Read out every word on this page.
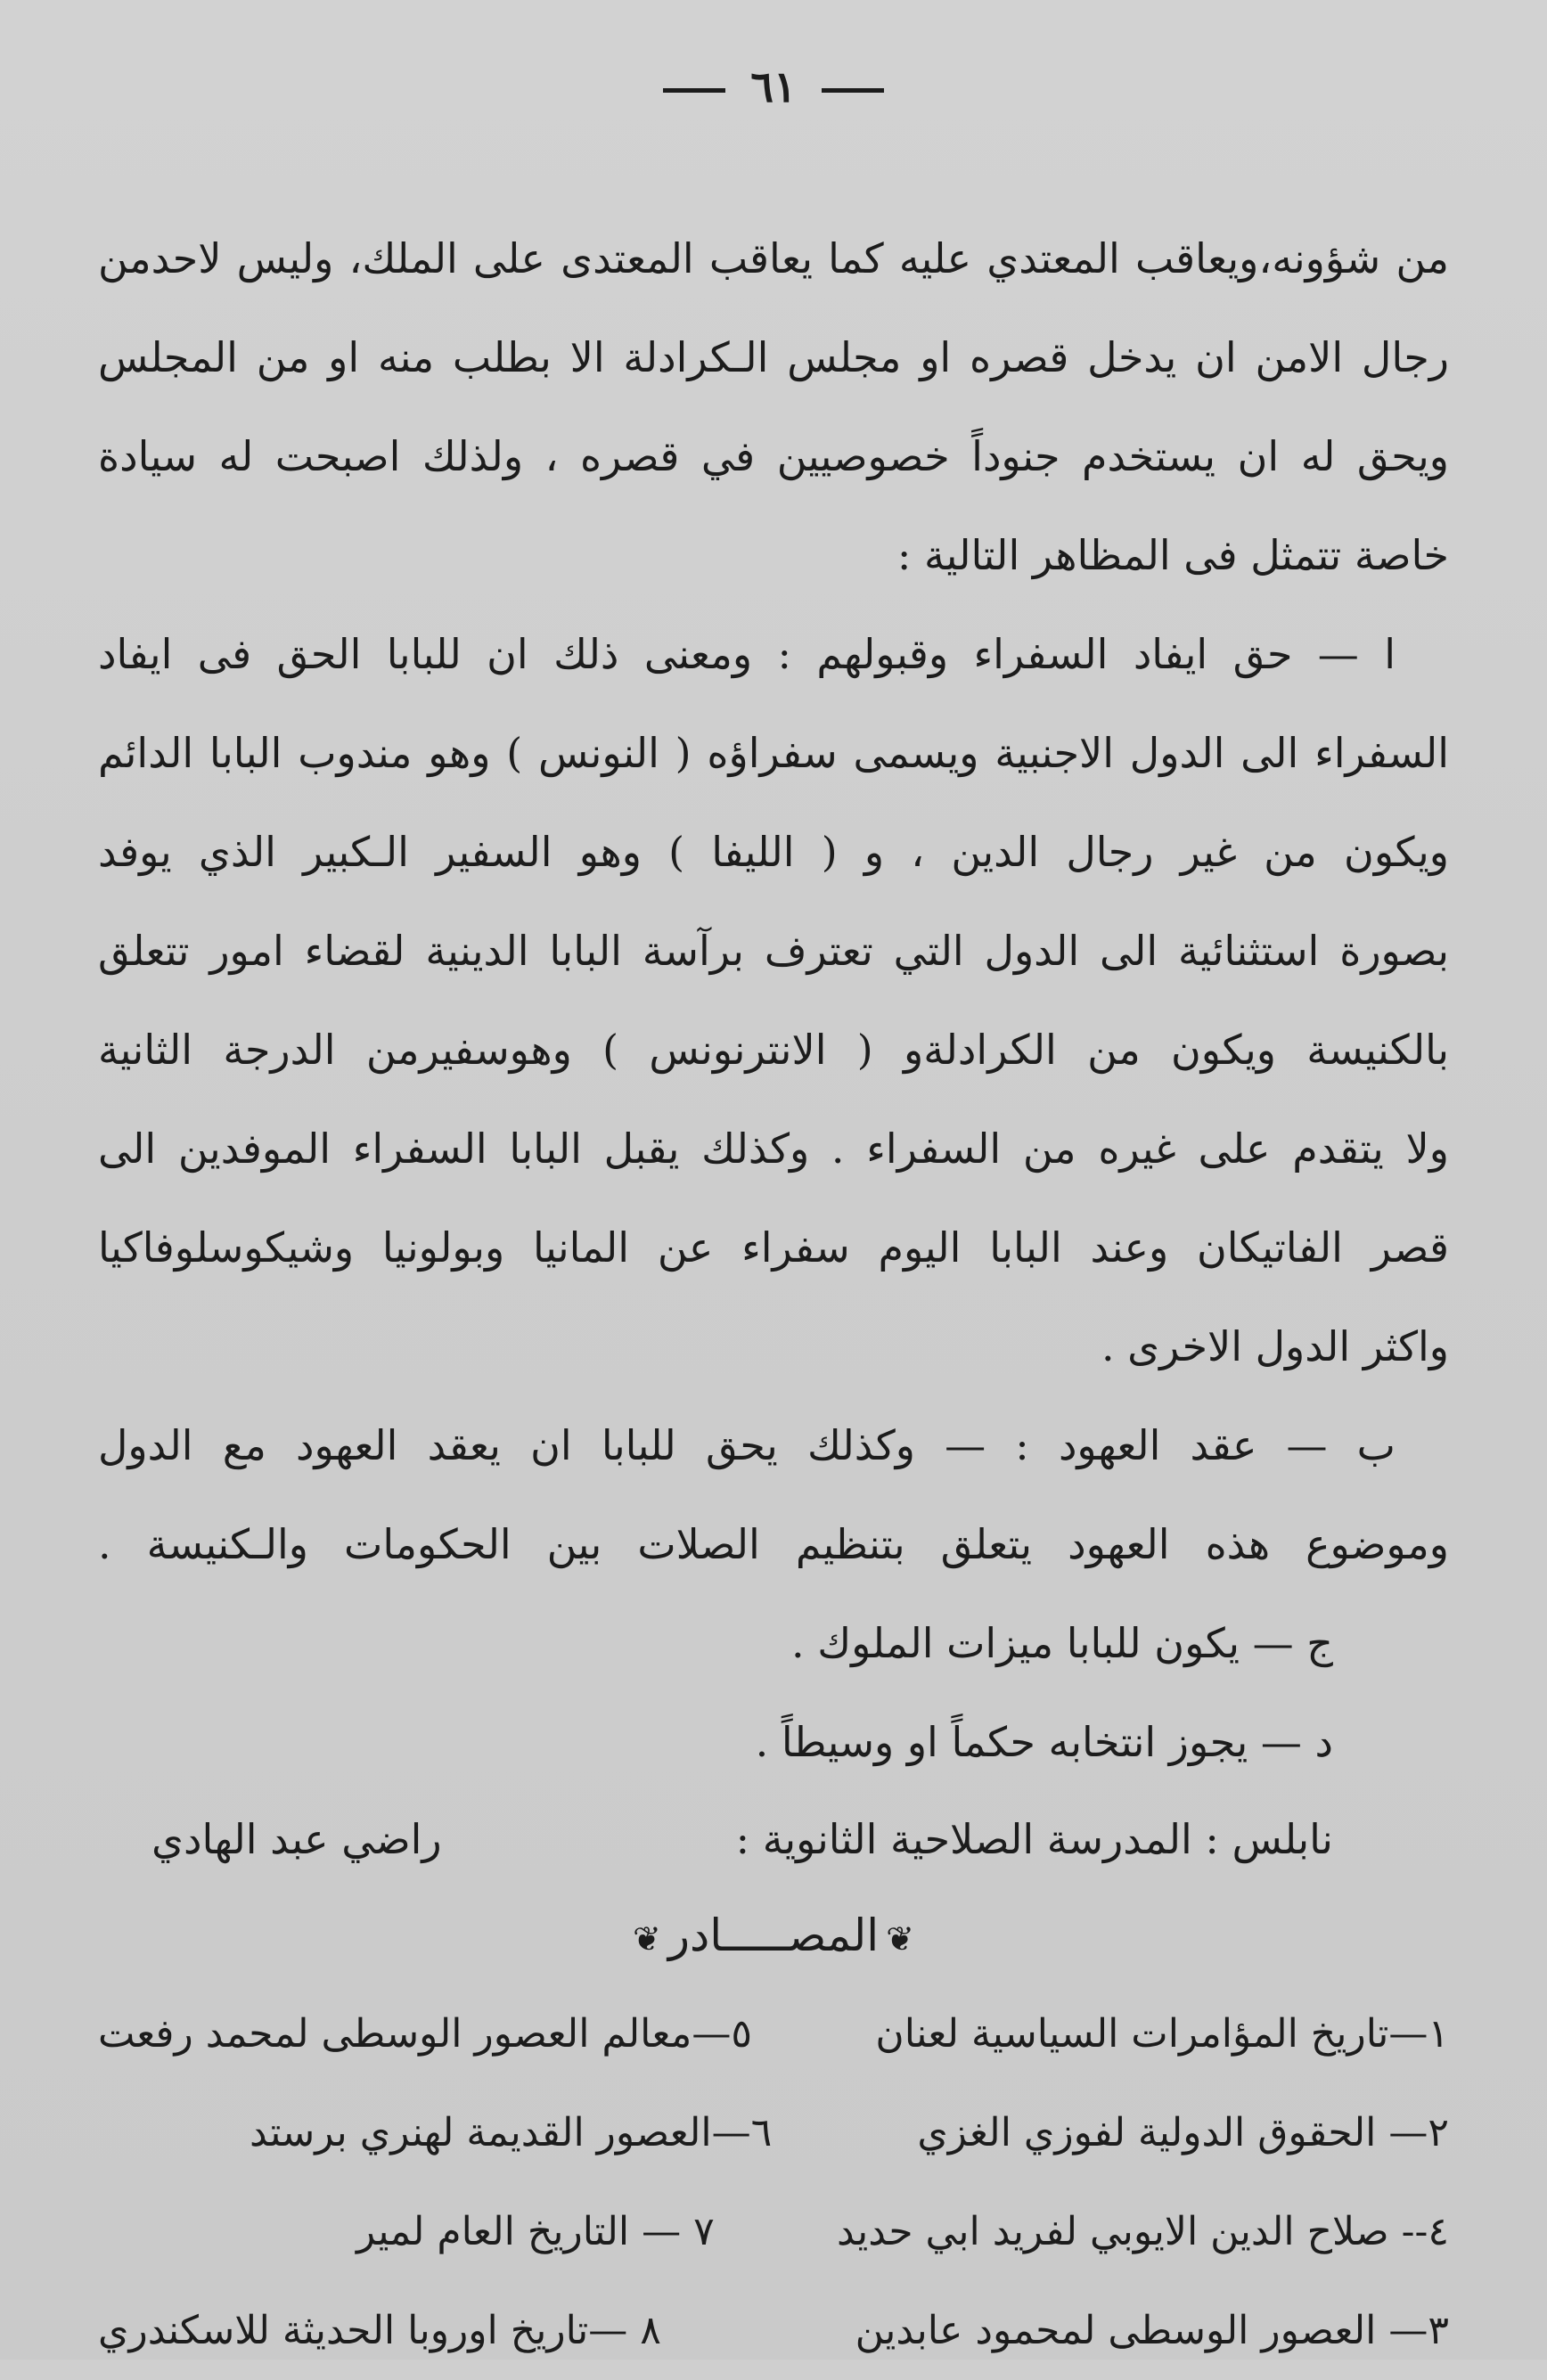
٦١
من شؤونه،ويعاقب المعتدي عليه كما يعاقب المعتدى على الملك، وليس لاحدمن
رجال الامن ان يدخل قصره او مجلس الـكرادلة الا بطلب منه او من المجلس
ويحق له ان يستخدم جنوداً خصوصيين في قصره ، ولذلك اصبحت له سيادة
خاصة تتمثل فى المظاهر التالية :
ا — حق ايفاد السفراء وقبولهم : ومعنى ذلك ان للبابا الحق فى ايفاد
السفراء الى الدول الاجنبية ويسمى سفراؤه ( النونس ) وهو مندوب البابا الدائم
ويكون من غير رجال الدين ، و ( الليفا ) وهو السفير الـكبير الذي يوفد
بصورة استثنائية الى الدول التي تعترف برآسة البابا الدينية لقضاء امور تتعلق
بالكنيسة ويكون من الكرادلةو ( الانترنونس ) وهوسفيرمن الدرجة الثانية
ولا يتقدم على غيره من السفراء . وكذلك يقبل البابا السفراء الموفدين الى
قصر الفاتيكان وعند البابا اليوم سفراء عن المانيا وبولونيا وشيكوسلوفاكيا
واكثر الدول الاخرى .
ب — عقد العهود : — وكذلك يحق للبابا ان يعقد العهود مع الدول
وموضوع هذه العهود يتعلق بتنظيم الصلات بين الحكومات والـكنيسة .
ج — يكون للبابا ميزات الملوك .
د — يجوز انتخابه حكماً او وسيطاً .
نابلس : المدرسة الصلاحية الثانوية :
راضي عبد الهادي
❦المصـــــادر❦
١—تاريخ المؤامرات السياسية لعنان
٥—معالم العصور الوسطى لمحمد رفعت
٢— الحقوق الدولية لفوزي الغزي
٦—العصور القديمة لهنري برستد
٤-- صلاح الدين الايوبي لفريد ابي حديد
٧ — التاريخ العام لمير
٣— العصور الوسطى لمحمود عابدين
٨ —تاريخ اوروبا الحديثة للاسكندري
